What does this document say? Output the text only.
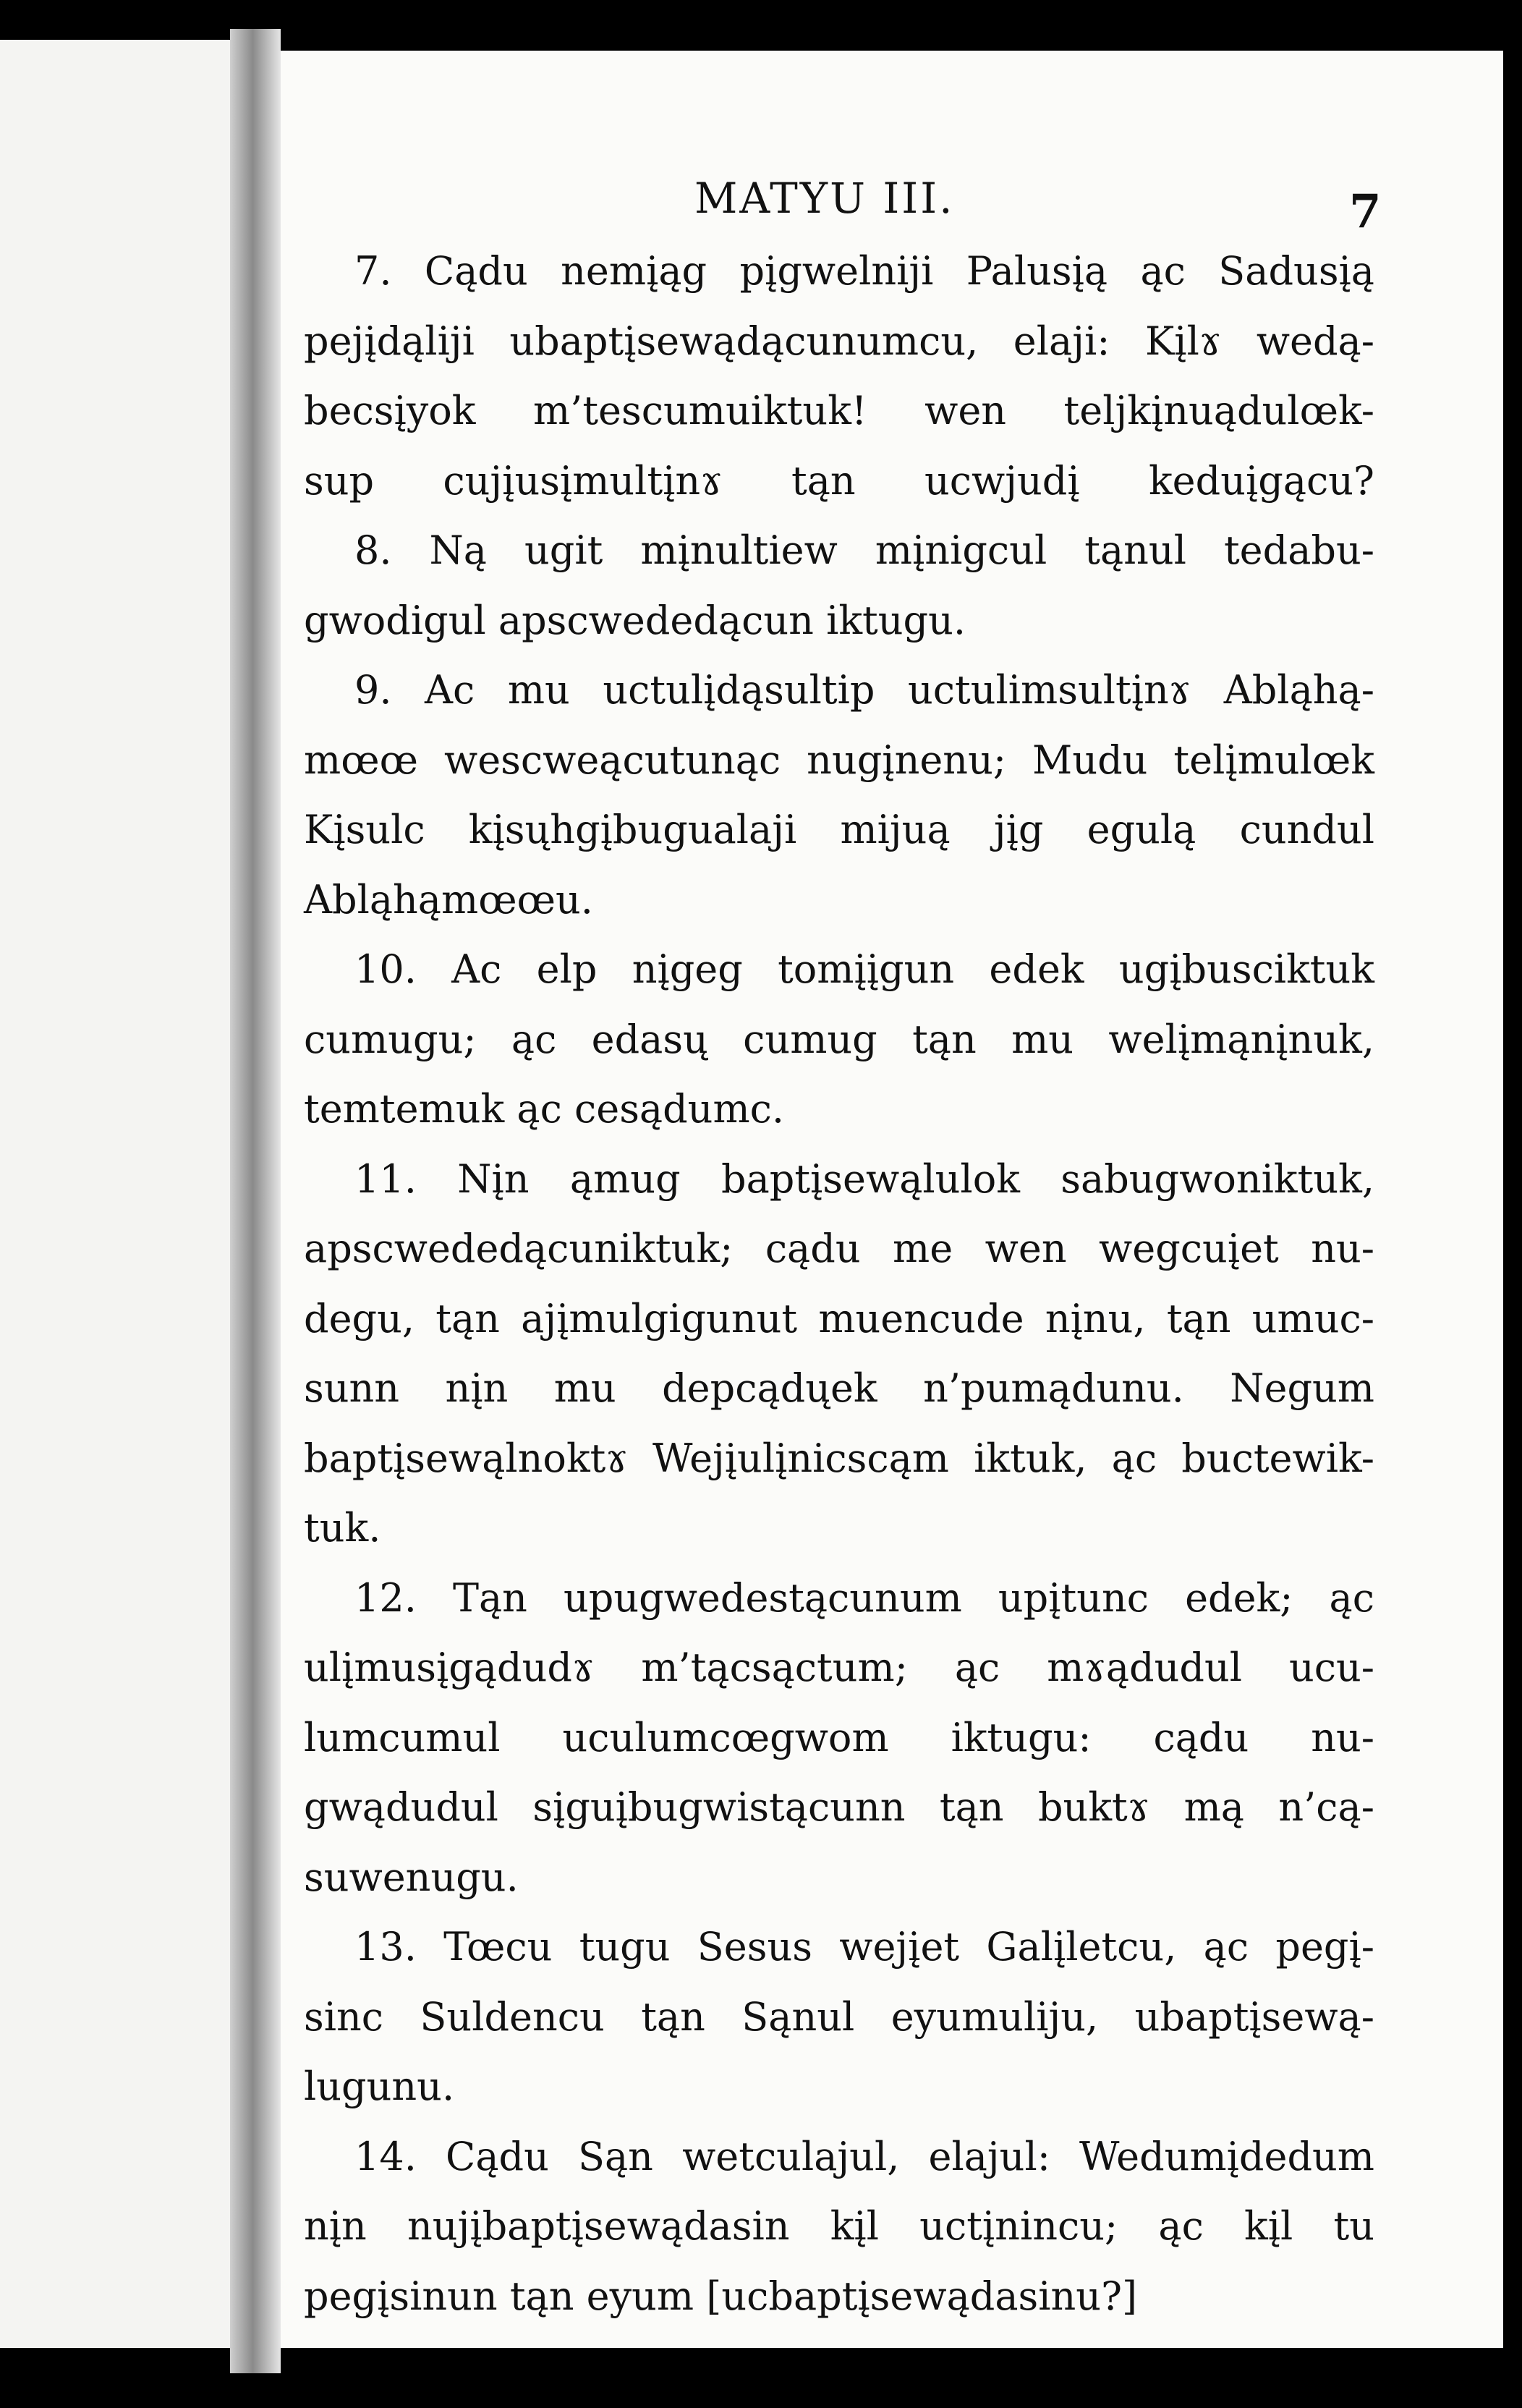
MATYU III.	7
7. Cądu nemįąg pįgwelniji Palusįą ąc Sadusįą
pejįdąliji ubaptįsewądącunumcu, elaji: Kįlɤ wedą-
becsįyok m’tescumuiktuk! wen teljkįnuądulœk-
sup cujįusįmultįnɤ tąn ucwjudį keduįgącu?
8. Ną ugit mįnultiew mįnigcul tąnul tedabu-
gwodigul apscwededącun iktugu.
9. Ac mu uctulįdąsultip uctulimsultįnɤ Abląhą-
mœœ wescweącutunąc nugįnenu; Mudu telįmulœk
Kįsulc kįsųhgįbugualaji mijuą jįg egulą cundul
Abląhąmœœu.
10. Ac elp nįgeg tomįįgun edek ugįbusciktuk
cumugu; ąc edasų cumug tąn mu welįmąnįnuk,
temtemuk ąc cesądumc.
11. Nįn ąmug baptįsewąlulok sabugwoniktuk,
apscwededącuniktuk; cądu me wen wegcuįet nu-
degu, tąn ajįmulgigunut muencude nįnu, tąn umuc-
sunn nįn mu depcądųek n’pumądunu. Negum
baptįsewąlnoktɤ Wejįulįnicscąm iktuk, ąc buctewik-
tuk.
12. Tąn upugwedestącunum upįtunc edek; ąc
ulįmusįgądudɤ m’tącsąctum; ąc mɤądudul ucu-
lumcumul uculumcœgwom iktugu: cądu nu-
gwądudul sįguįbugwistącunn tąn buktɤ mą n’cą-
suwenugu.
13. Tœcu tugu Sesus wejįet Galįletcu, ąc pegį-
sinc Suldencu tąn Sąnul eyumuliju, ubaptįsewą-
lugunu.
14. Cądu Sąn wetculajul, elajul: Wedumįdedum
nįn nujįbaptįsewądasin kįl uctįnincu; ąc kįl tu
pegįsinun tąn eyum [ucbaptįsewądasinu?]
